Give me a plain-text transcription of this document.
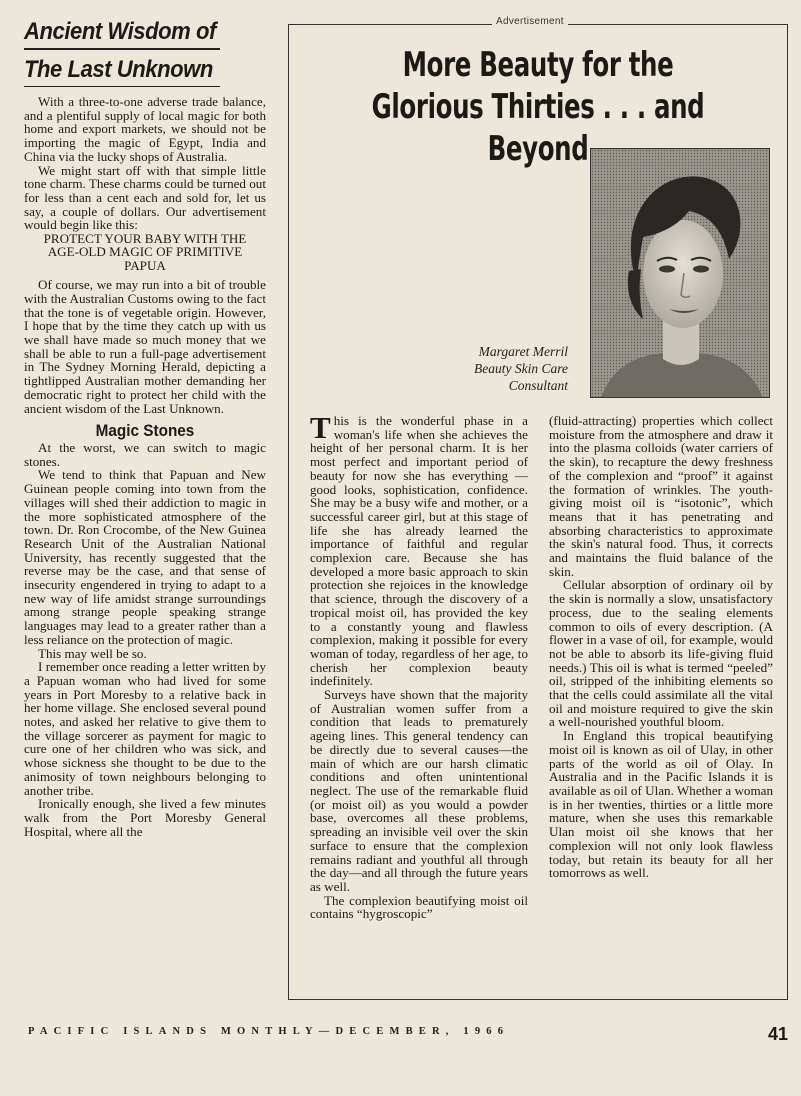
Ancient Wisdom of
The Last Unknown

With a three-to-one adverse trade balance, and a plentiful supply of local magic for both home and export markets, we should not be importing the magic of Egypt, India and China via the lucky shops of Australia.

We might start off with that simple little tone charm. These charms could be turned out for less than a cent each and sold for, let us say, a couple of dollars. Our advertisement would begin like this:

PROTECT YOUR BABY WITH THE AGE-OLD MAGIC OF PRIMITIVE PAPUA

Of course, we may run into a bit of trouble with the Australian Customs owing to the fact that the tone is of vegetable origin. However, I hope that by the time they catch up with us we shall have made so much money that we shall be able to run a full-page advertisement in The Sydney Morning Herald, depicting a tightlipped Australian mother demanding her democratic right to protect her child with the ancient wisdom of the Last Unknown.

Magic Stones

At the worst, we can switch to magic stones.

We tend to think that Papuan and New Guinean people coming into town from the villages will shed their addiction to magic in the more sophisticated atmosphere of the town. Dr. Ron Crocombe, of the New Guinea Research Unit of the Australian National University, has recently suggested that the reverse may be the case, and that sense of insecurity engendered in trying to adapt to a new way of life amidst strange surroundings among strange people speaking strange languages may lead to a greater rather than a less reliance on the protection of magic.

This may well be so.

I remember once reading a letter written by a Papuan woman who had lived for some years in Port Moresby to a relative back in her home village. She enclosed several pound notes, and asked her relative to give them to the village sorcerer as payment for magic to cure one of her children who was sick, and whose sickness she thought to be due to the animosity of town neighbours belonging to another tribe.

Ironically enough, she lived a few minutes walk from the Port Moresby General Hospital, where all the

Advertisement
More Beauty for the
Glorious Thirties . . . and Beyond
Margaret Merril
Beauty Skin Care
Consultant

This is the wonderful phase in a woman's life when she achieves the height of her personal charm. It is her most perfect and important period of beauty for now she has everything — good looks, sophistication, confidence. She may be a busy wife and mother, or a successful career girl, but at this stage of life she has already learned the importance of faithful and regular complexion care. Because she has developed a more basic approach to skin protection she rejoices in the knowledge that science, through the discovery of a tropical moist oil, has provided the key to a constantly young and flawless complexion, making it possible for every woman of today, regardless of her age, to cherish her complexion beauty indefinitely.

Surveys have shown that the majority of Australian women suffer from a condition that leads to prematurely ageing lines. This general tendency can be directly due to several causes—the main of which are our harsh climatic conditions and often unintentional neglect. The use of the remarkable fluid (or moist oil) as you would a powder base, overcomes all these problems, spreading an invisible veil over the skin surface to ensure that the complexion remains radiant and youthful all through the day—and all through the future years as well.

The complexion beautifying moist oil contains “hygroscopic”

(fluid-attracting) properties which collect moisture from the atmosphere and draw it into the plasma colloids (water carriers of the skin), to recapture the dewy freshness of the complexion and “proof” it against the formation of wrinkles. The youth-giving moist oil is “isotonic”, which means that it has penetrating and absorbing characteristics to approximate the skin's natural food. Thus, it corrects and maintains the fluid balance of the skin.

Cellular absorption of ordinary oil by the skin is normally a slow, unsatisfactory process, due to the sealing elements common to oils of every description. (A flower in a vase of oil, for example, would not be able to absorb its life-giving fluid needs.) This oil is what is termed “peeled” oil, stripped of the inhibiting elements so that the cells could assimilate all the vital oil and moisture required to give the skin a well-nourished youthful bloom.

In England this tropical beautifying moist oil is known as oil of Ulay, in other parts of the world as oil of Olay. In Australia and in the Pacific Islands it is available as oil of Ulan. Whether a woman is in her twenties, thirties or a little more mature, when she uses this remarkable Ulan moist oil she knows that her complexion will not only look flawless today, but retain its beauty for all her tomorrows as well.

PACIFIC ISLANDS MONTHLY—DECEMBER, 1966	41
